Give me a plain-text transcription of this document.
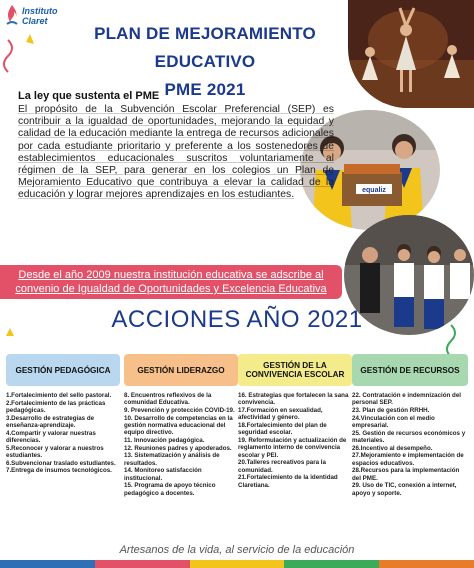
Instituto
Claret
PLAN DE MEJORAMIENTO EDUCATIVO
PME 2021
equaliz
La ley que sustenta el PME
El propósito de la Subvención Escolar Preferencial (SEP) es contribuir a la igualdad de oportunidades, mejorando la equidad y calidad de la educación mediante la entrega de recursos adicionales por cada estudiante prioritario y preferente a los sostenedores de establecimientos educacionales suscritos voluntariamente al régimen de la SEP, para generar en los colegios un Plan de Mejoramiento Educativo que contribuya a elevar la calidad de la educación y lograr mejores aprendizajes en los estudiantes.
Desde el año 2009 nuestra institución educativa se adscribe al convenio de Igualdad de Oportunidades y Excelencia Educativa
ACCIONES AÑO 2021
GESTIÓN PEDAGÓGICA
1.Fortalecimiento del sello pastoral.
2.Fortalecimiento de las prácticas pedagógicas.
3.Desarrollo de estrategias de enseñanza-aprendizaje.
4.Compartir y valorar nuestras diferencias.
5.Reconocer y valorar a nuestros estudiantes.
6.Subvencionar traslado estudiantes.
7.Entrega de insumos tecnológicos.
GESTIÓN LIDERAZGO
8. Encuentros reflexivos de la comunidad Educativa.
9. Prevención y protección COVID-19.
10. Desarrollo de competencias en la gestión normativa educacional del equipo directivo.
11. Innovación pedagógica.
12. Reuniones padres y apoderados.
13. Sistematización y análisis de resultados.
14. Monitoreo satisfacción institucional.
15. Programa de apoyo técnico pedagógico a docentes.
GESTIÓN DE LA CONVIVENCIA ESCOLAR
16. Estrategias que fortalecen la sana convivencia.
17.Formación en sexualidad, afectividad y género.
18.Fortalecimiento del plan de seguridad escolar.
19. Reformulación y actualización de reglamento interno de convivencia escolar y PEI.
20.Talleres recreativos para la comunidad.
21.Fortalecimiento de la identidad Claretiana.
GESTIÓN DE RECURSOS
22. Contratación e indemnización del personal SEP.
23. Plan de gestión RRHH.
24.Vinculación con el medio empresarial.
25. Gestión de recursos económicos y materiales.
26.Incentivo al desempeño.
27.Mejoramiento e implementación de espacios educativos.
28.Recursos para la implementación del PME.
29. Uso de TIC, conexión a internet, apoyo y soporte.
Artesanos de la vida, al servicio de la educación
